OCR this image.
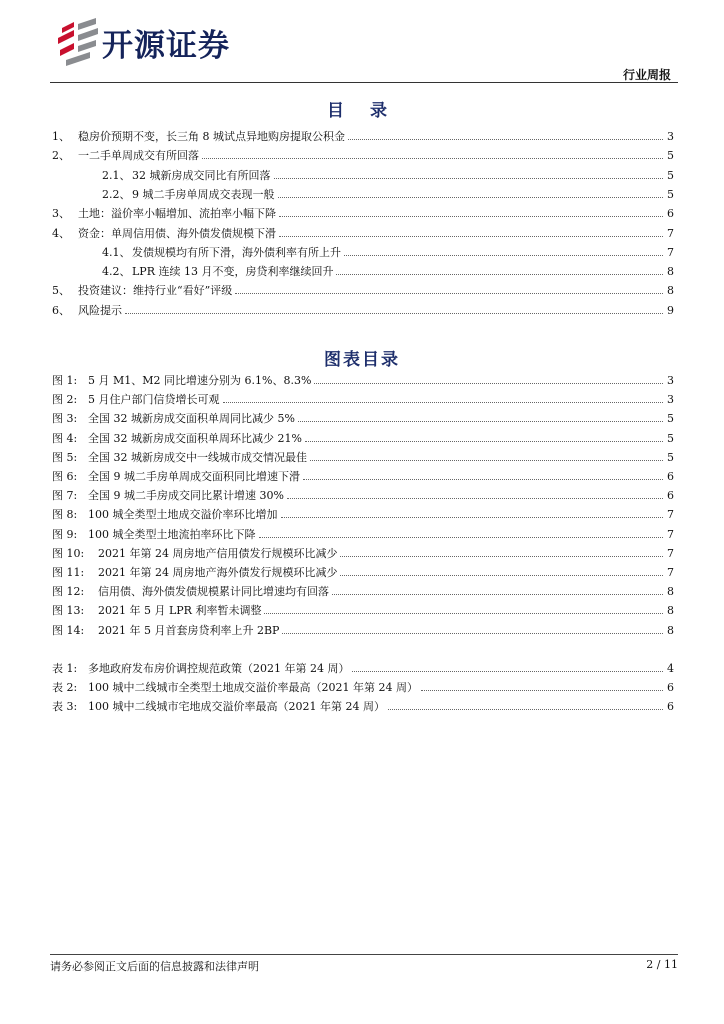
开源证券
行业周报
目 录
1、 稳房价预期不变，长三角 8 城试点异地购房提取公积金	3
2、 一二手单周成交有所回落	5
2.1、 32 城新房成交同比有所回落	5
2.2、 9 城二手房单周成交表现一般	5
3、 土地：溢价率小幅增加、流拍率小幅下降	6
4、 资金：单周信用债、海外债发债规模下滑	7
4.1、 发债规模均有所下滑，海外债利率有所上升	7
4.2、 LPR 连续 13 月不变，房贷利率继续回升	8
5、 投资建议：维持行业“看好”评级	8
6、 风险提示	9
图表目录
图 1: 5 月 M1、M2 同比增速分别为 6.1%、8.3%	3
图 2: 5 月住户部门信贷增长可观	3
图 3: 全国 32 城新房成交面积单周同比减少 5%	5
图 4: 全国 32 城新房成交面积单周环比减少 21%	5
图 5: 全国 32 城新房成交中一线城市成交情况最佳	5
图 6: 全国 9 城二手房单周成交面积同比增速下滑	6
图 7: 全国 9 城二手房成交同比累计增速 30%	6
图 8: 100 城全类型土地成交溢价率环比增加	7
图 9: 100 城全类型土地流拍率环比下降	7
图 10:	2021 年第 24 周房地产信用债发行规模环比减少	7
图 11:	2021 年第 24 周房地产海外债发行规模环比减少	7
图 12:	信用债、海外债发债规模累计同比增速均有回落	8
图 13:	2021 年 5 月 LPR 利率暂未调整	8
图 14:	2021 年 5 月首套房贷利率上升 2BP	8
表 1: 多地政府发布房价调控规范政策（2021 年第 24 周）	4
表 2: 100 城中二线城市全类型土地成交溢价率最高（2021 年第 24 周）	6
表 3: 100 城中二线城市宅地成交溢价率最高（2021 年第 24 周）	6
请务必参阅正文后面的信息披露和法律声明	2 / 11
